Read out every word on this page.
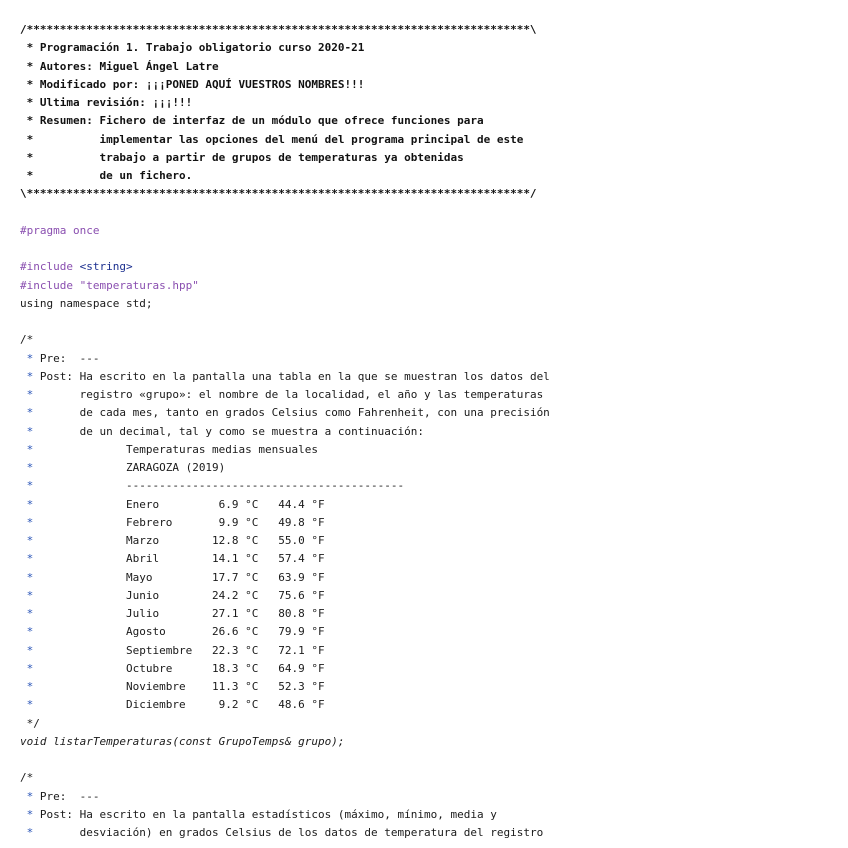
/****************************************************************************\
* Programación 1. Trabajo obligatorio curso 2020-21
* Autores: Miguel Ángel Latre
* Modificado por: ¡¡¡PONED AQUÍ VUESTROS NOMBRES!!!
* Ultima revisión: ¡¡¡!!!
* Resumen: Fichero de interfaz de un módulo que ofrece funciones para
*          implementar las opciones del menú del programa principal de este
*          trabajo a partir de grupos de temperaturas ya obtenidas
*          de un fichero.
\****************************************************************************/
#pragma once
#include <string>
#include "temperaturas.hpp"
using namespace std;
/*
* Pre:  ---
* Post: Ha escrito en la pantalla una tabla en la que se muestran los datos del
*       registro «grupo»: el nombre de la localidad, el año y las temperaturas
*       de cada mes, tanto en grados Celsius como Fahrenheit, con una precisión
*       de un decimal, tal y como se muestra a continuación:
*              Temperaturas medias mensuales
*              ZARAGOZA (2019)
*              ------------------------------------------
*              Enero         6.9 °C   44.4 °F
*              Febrero       9.9 °C   49.8 °F
*              Marzo        12.8 °C   55.0 °F
*              Abril        14.1 °C   57.4 °F
*              Mayo         17.7 °C   63.9 °F
*              Junio        24.2 °C   75.6 °F
*              Julio        27.1 °C   80.8 °F
*              Agosto       26.6 °C   79.9 °F
*              Septiembre   22.3 °C   72.1 °F
*              Octubre      18.3 °C   64.9 °F
*              Noviembre    11.3 °C   52.3 °F
*              Diciembre     9.2 °C   48.6 °F
*/
void listarTemperaturas(const GrupoTemps& grupo);
/*
* Pre:  ---
* Post: Ha escrito en la pantalla estadísticos (máximo, mínimo, media y
*       desviación) en grados Celsius de los datos de temperatura del registro
